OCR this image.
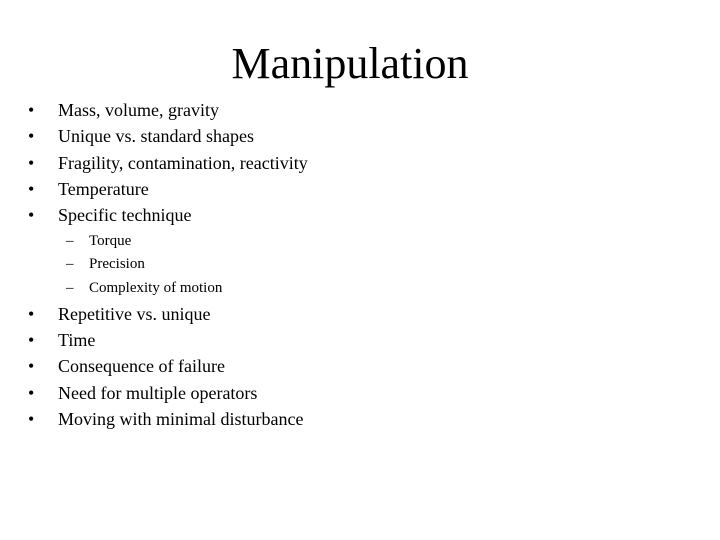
Manipulation
• Mass, volume, gravity
• Unique vs. standard shapes
• Fragility, contamination, reactivity
• Temperature
• Specific technique
– Torque
– Precision
– Complexity of motion
• Repetitive vs. unique
• Time
• Consequence of failure
• Need for multiple operators
• Moving with minimal disturbance
